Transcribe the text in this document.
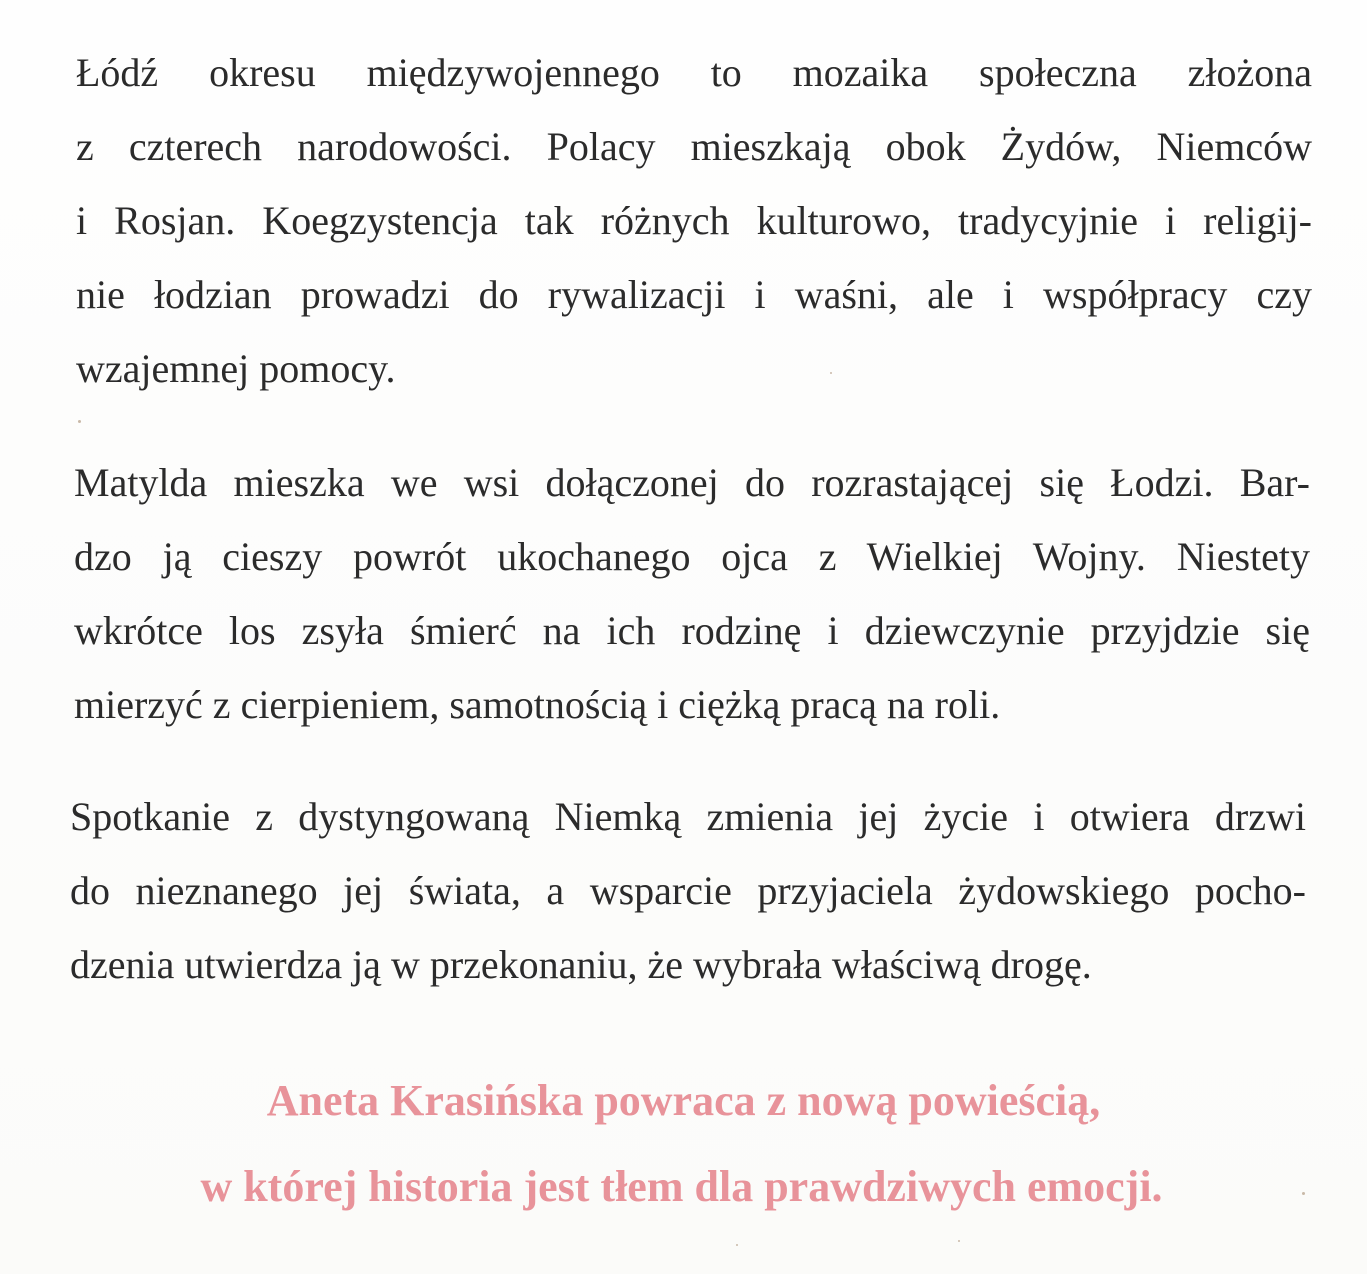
Łódź okresu międzywojennego to mozaika społeczna złożona
z czterech narodowości. Polacy mieszkają obok Żydów, Niemców
i Rosjan. Koegzystencja tak różnych kulturowo, tradycyjnie i religij-
nie łodzian prowadzi do rywalizacji i waśni, ale i współpracy czy
wzajemnej pomocy.
Matylda mieszka we wsi dołączonej do rozrastającej się Łodzi. Bar-
dzo ją cieszy powrót ukochanego ojca z Wielkiej Wojny. Niestety
wkrótce los zsyła śmierć na ich rodzinę i dziewczynie przyjdzie się
mierzyć z cierpieniem, samotnością i ciężką pracą na roli.
Spotkanie z dystyngowaną Niemką zmienia jej życie i otwiera drzwi
do nieznanego jej świata, a wsparcie przyjaciela żydowskiego pocho-
dzenia utwierdza ją w przekonaniu, że wybrała właściwą drogę.
Aneta Krasińska powraca z nową powieścią,
w której historia jest tłem dla prawdziwych emocji.
